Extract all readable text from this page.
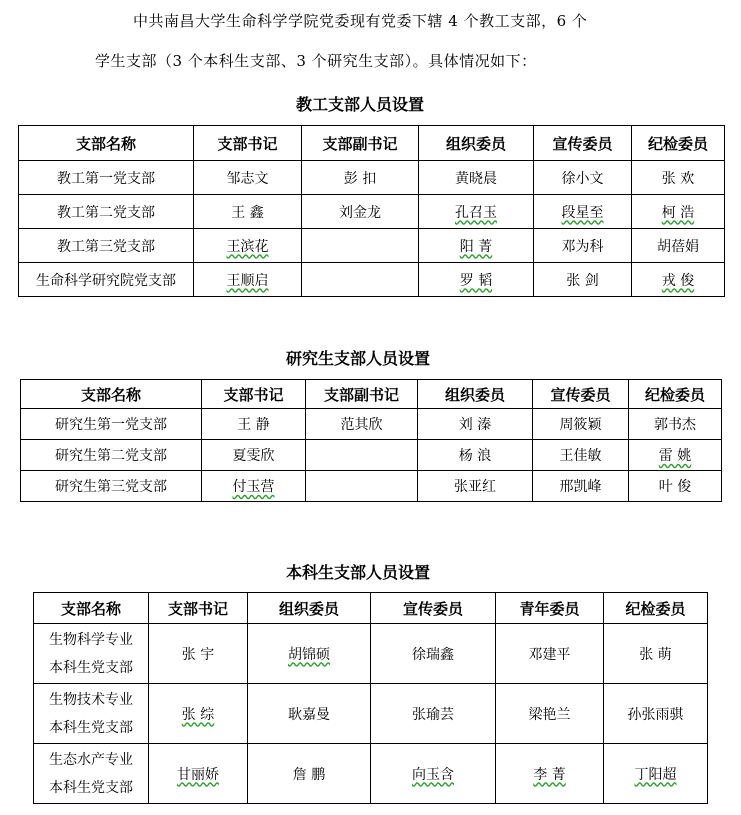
中共南昌大学生命科学学院党委现有党委下辖 4 个教工支部，6 个
学生支部（3 个本科生支部、3 个研究生支部）。具体情况如下：
教工支部人员设置
支部名称	支部书记	支部副书记	组织委员	宣传委员	纪检委员
教工第一党支部	邹志文	彭 扣	黄晓晨	徐小文	张 欢
教工第二党支部	王 鑫	刘金龙	孔召玉	段星至	柯 浩
教工第三党支部	王滨花		阳 菁	邓为科	胡蓓娟
生命科学研究院党支部	王顺启		罗 韬	张 剑	戎 俊
研究生支部人员设置
支部名称	支部书记	支部副书记	组织委员	宣传委员	纪检委员
研究生第一党支部	王 静	范其欣	刘 溱	周筱颖	郭书杰
研究生第二党支部	夏雯欣		杨 浪	王佳敏	雷 姚
研究生第三党支部	付玉营		张亚红	邢凯峰	叶 俊
本科生支部人员设置
支部名称	支部书记	组织委员	宣传委员	青年委员	纪检委员
生物科学专业
本科生党支部	张 宇	胡锦硕	徐瑞鑫	邓建平	张 萌
生物技术专业
本科生党支部	张 综	耿嘉曼	张瑜芸	梁艳兰	孙张雨骐
生态水产专业
本科生党支部	甘丽娇	詹 鹏	向玉含	李 菁	丁阳超
